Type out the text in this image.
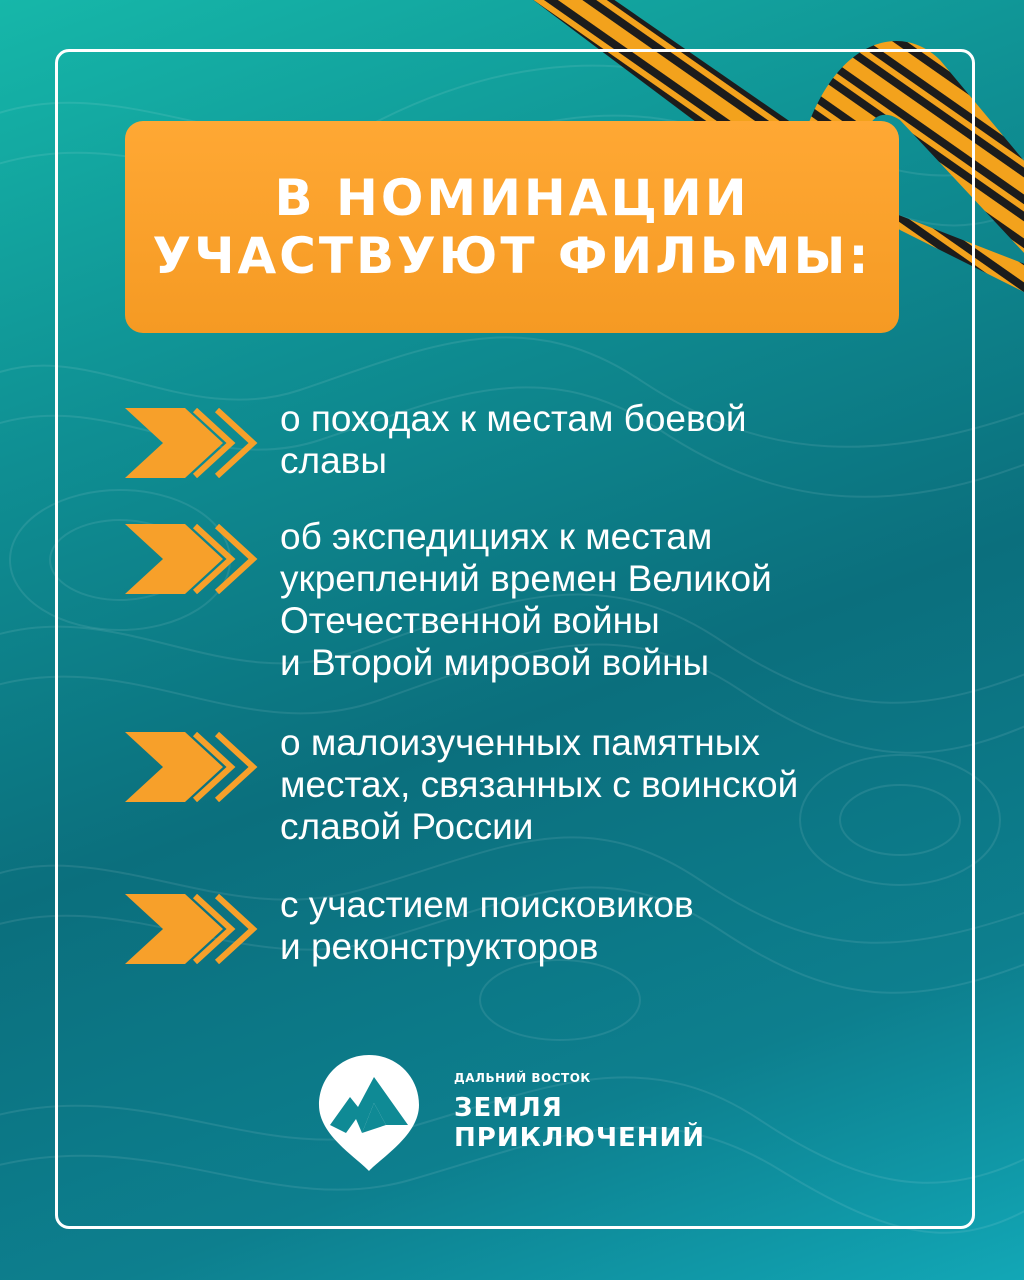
В НОМИНАЦИИ
УЧАСТВУЮТ ФИЛЬМЫ:
о походах к местам боевой
славы
об экспедициях к местам
укреплений времен Великой
Отечественной войны
и Второй мировой войны
о малоизученных памятных
местах, связанных с воинской
славой России
с участием поисковиков
и реконструкторов
ДАЛЬНИЙ ВОСТОК
ЗЕМЛЯ
ПРИКЛЮЧЕНИЙ
